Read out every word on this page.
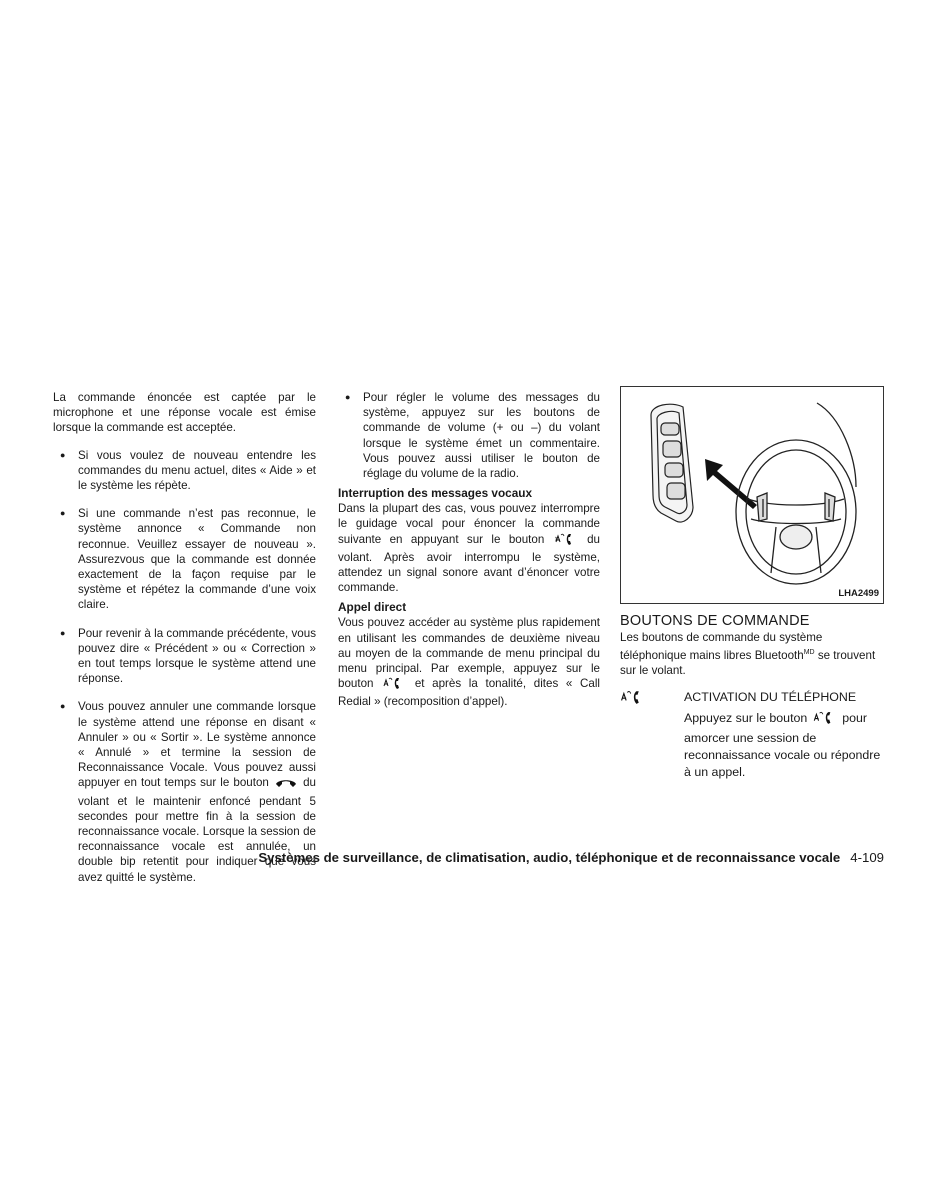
La commande énoncée est captée par le microphone et une réponse vocale est émise lorsque la commande est acceptée.

● Si vous voulez de nouveau entendre les commandes du menu actuel, dites « Aide » et le système les répète.
● Si une commande n’est pas reconnue, le système annonce « Commande non reconnue. Veuillez essayer de nouveau ». Assurezvous que la commande est donnée exactement de la façon requise par le système et répétez la commande d’une voix claire.
● Pour revenir à la commande précédente, vous pouvez dire « Précédent » ou « Correction » en tout temps lorsque le système attend une réponse.
● Vous pouvez annuler une commande lorsque le système attend une réponse en disant « Annuler » ou « Sortir ». Le système annonce « Annulé » et termine la session de Reconnaissance Vocale. Vous pouvez aussi appuyer en tout temps sur le bouton	du volant et le maintenir enfoncé pendant 5 secondes pour mettre fin à la session de reconnaissance vocale. Lorsque la session de reconnaissance vocale est annulée, un double bip retentit pour indiquer que vous avez quitté le système.
● Pour régler le volume des messages du système, appuyez sur les boutons de commande de volume (+ ou –) du volant lorsque le système émet un commentaire. Vous pouvez aussi utiliser le bouton de réglage du volume de la radio.
Interruption des messages vocaux

Dans la plupart des cas, vous pouvez interrompre le guidage vocal pour énoncer la commande suivante en appuyant sur le bouton 𝔯	du volant. Après avoir interrompu le système, attendez un signal sonore avant d’énoncer votre commande.

Appel direct

Vous pouvez accéder au système plus rapidement en utilisant les commandes de deuxième niveau au moyen de la commande de menu principal du menu principal. Par exemple, appuyez sur le bouton	et après la tonalité, dites « Call Redial » (recomposition d’appel).

LHA2499
BOUTONS DE COMMANDE

Les boutons de commande du système téléphonique mains libres Bluetooth$^{MD}$ se trouvent sur le volant.

ACTIVATION DU TÉLÉPHONE
Appuyez sur le bouton	pour amorcer une session de reconnaissance vocale ou répondre à un appel.
Systèmes de surveillance, de climatisation, audio, téléphonique et de reconnaissance vocale 4-109
